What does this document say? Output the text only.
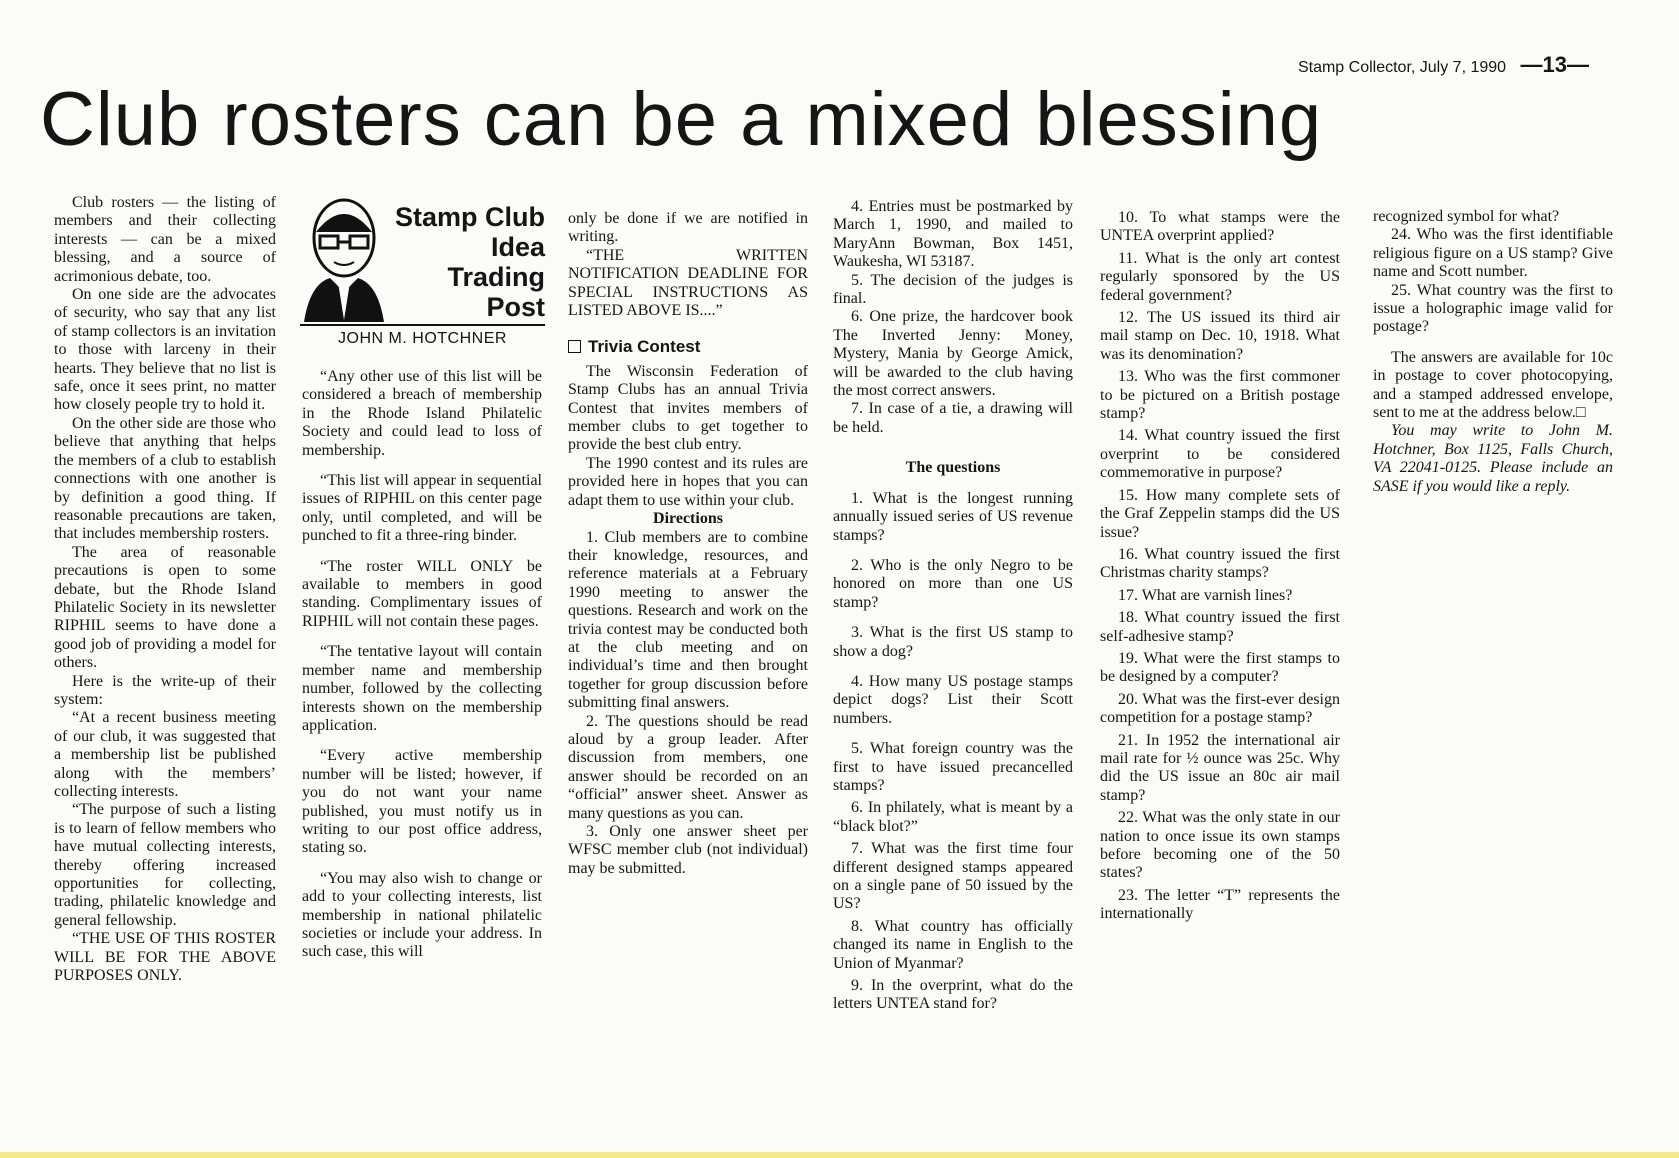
Stamp Collector, July 7, 1990 —13—
Club rosters can be a mixed blessing

Club rosters — the listing of members and their collecting interests — can be a mixed blessing, and a source of acrimonious debate, too.

On one side are the advocates of security, who say that any list of stamp collectors is an invitation to those with larceny in their hearts. They believe that no list is safe, once it sees print, no matter how closely people try to hold it.

On the other side are those who believe that anything that helps the members of a club to establish connections with one another is by definition a good thing. If reasonable precautions are taken, that includes membership rosters.

The area of reasonable precautions is open to some debate, but the Rhode Island Philatelic Society in its newsletter RIPHIL seems to have done a good job of providing a model for others.

Here is the write-up of their system:

“At a recent business meeting of our club, it was suggested that a membership list be published along with the members’ collecting interests.

“The purpose of such a listing is to learn of fellow members who have mutual collecting interests, thereby offering increased opportunities for collecting, trading, philatelic knowledge and general fellowship.

“THE USE OF THIS ROSTER WILL BE FOR THE ABOVE PURPOSES ONLY.

Stamp Club
Idea
Trading
Post
JOHN M. HOTCHNER

“Any other use of this list will be considered a breach of membership in the Rhode Island Philatelic Society and could lead to loss of membership.

“This list will appear in sequential issues of RIPHIL on this center page only, until completed, and will be punched to fit a three-ring binder.

“The roster WILL ONLY be available to members in good standing. Complimentary issues of RIPHIL will not contain these pages.

“The tentative layout will contain member name and membership number, followed by the collecting interests shown on the membership application.

“Every active membership number will be listed; however, if you do not want your name published, you must notify us in writing to our post office address, stating so.

“You may also wish to change or add to your collecting interests, list membership in national philatelic societies or include your address. In such case, this will

only be done if we are notified in writing.

“THE WRITTEN NOTIFICATION DEADLINE FOR SPECIAL INSTRUCTIONS AS LISTED ABOVE IS....”

Trivia Contest

The Wisconsin Federation of Stamp Clubs has an annual Trivia Contest that invites members of member clubs to get together to provide the best club entry.

The 1990 contest and its rules are provided here in hopes that you can adapt them to use within your club.

Directions

1. Club members are to combine their knowledge, resources, and reference materials at a February 1990 meeting to answer the questions. Research and work on the trivia contest may be conducted both at the club meeting and on individual’s time and then brought together for group discussion before submitting final answers.

2. The questions should be read aloud by a group leader. After discussion from members, one answer should be recorded on an “official” answer sheet. Answer as many questions as you can.

3. Only one answer sheet per WFSC member club (not individual) may be submitted.

4. Entries must be postmarked by March 1, 1990, and mailed to MaryAnn Bowman, Box 1451, Waukesha, WI 53187.

5. The decision of the judges is final.

6. One prize, the hardcover book The Inverted Jenny: Money, Mystery, Mania by George Amick, will be awarded to the club having the most correct answers.

7. In case of a tie, a drawing will be held.

The questions

1. What is the longest running annually issued series of US revenue stamps?

2. Who is the only Negro to be honored on more than one US stamp?

3. What is the first US stamp to show a dog?

4. How many US postage stamps depict dogs? List their Scott numbers.

5. What foreign country was the first to have issued precancelled stamps?

6. In philately, what is meant by a “black blot?”

7. What was the first time four different designed stamps appeared on a single pane of 50 issued by the US?

8. What country has officially changed its name in English to the Union of Myanmar?

9. In the overprint, what do the letters UNTEA stand for?

10. To what stamps were the UNTEA overprint applied?

11. What is the only art contest regularly sponsored by the US federal government?

12. The US issued its third air mail stamp on Dec. 10, 1918. What was its denomination?

13. Who was the first commoner to be pictured on a British postage stamp?

14. What country issued the first overprint to be considered commemorative in purpose?

15. How many complete sets of the Graf Zeppelin stamps did the US issue?

16. What country issued the first Christmas charity stamps?

17. What are varnish lines?

18. What country issued the first self-adhesive stamp?

19. What were the first stamps to be designed by a computer?

20. What was the first-ever design competition for a postage stamp?

21. In 1952 the international air mail rate for ½ ounce was 25c. Why did the US issue an 80c air mail stamp?

22. What was the only state in our nation to once issue its own stamps before becoming one of the 50 states?

23. The letter “T” represents the internationally

recognized symbol for what?

24. Who was the first identifiable religious figure on a US stamp? Give name and Scott number.

25. What country was the first to issue a holographic image valid for postage?

The answers are available for 10c in postage to cover photocopying, and a stamped addressed envelope, sent to me at the address below.□

You may write to John M. Hotchner, Box 1125, Falls Church, VA 22041-0125. Please include an SASE if you would like a reply.
